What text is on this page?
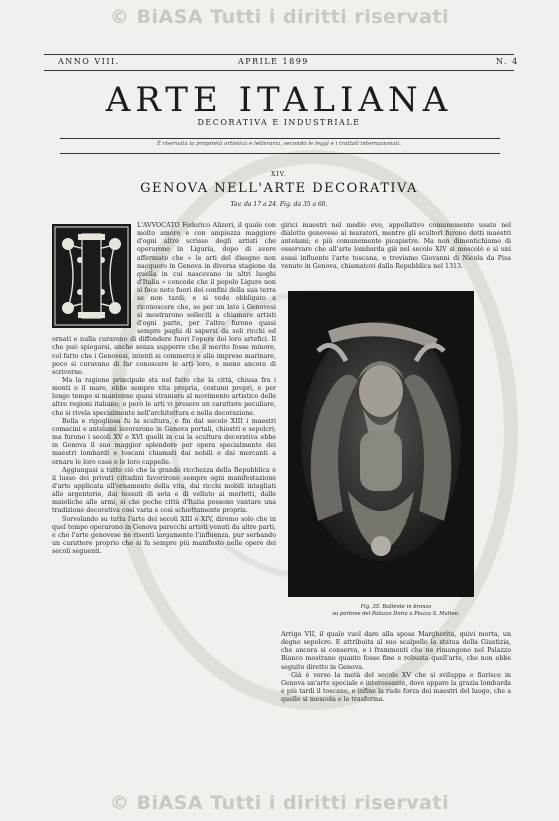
© BiASA Tutti i diritti riservati
ANNO VIII.	APRILE 1899	N. 4
ARTE ITALIANA
DECORATIVA E INDUSTRIALE
È riservata la proprietà artistica e letteraria, secondo le leggi e i trattati internazionali.
XIV.
GENOVA NELL'ARTE DECORATIVA
Tav. da 17 a 24. Fig. da 35 a 60.

L'AVVOCATO Federico Alizeri, il quale con molto amore e con ampiezza maggiore d'ogni altro scrisse degli artisti che operarono in Liguria, dopo di avere affermato che « le arti del disegno non nacquero in Genova in diversa stagione da quella in cui nascevano in altri luoghi d'Italia » concede che il popolo Ligure non si fece noto fuori dei confini della sua terra se non tardi; e si vede obbligato a riconoscere che, se per un lato i Genovesi si mostrarono solleciti a chiamare artisti d'ogni parte, per l'altro furono quasi sempre paghi di sapersi da soli ricchi ed ornati e nulla curarono di diffondere fuori l'opera dei loro artefici. Il che può spiegarsi, anche senza supporre che il merito fosse minore, col fatto che i Genovesi, intenti ai commerci e alle imprese marinare, poco si curavano di far conoscere le arti loro, e meno ancora di scriverne.

Ma la ragione principale sta nel fatto che la città, chiusa fra i monti e il mare, ebbe sempre vita propria, costumi propri, e per lungo tempo si mantenne quasi straniera al movimento artistico delle altre regioni italiane; e però le arti vi presero un carattere peculiare, che si rivela specialmente nell'architettura e nella decorazione.

Bella e rigogliosa fu la scultura, e fin dal secolo XIII i maestri comacini e antelami lavorarono in Genova portali, chiostri e sepolcri; ma furono i secoli XV e XVI quelli in cui la scultura decorativa ebbe in Genova il suo maggior splendore per opera specialmente dei maestri lombardi e toscani chiamati dai nobili e dai mercanti a ornare le loro case e le loro cappelle.

Aggiungasi a tutto ciò che la grande ricchezza della Repubblica e il lusso dei privati cittadini favorirono sempre ogni manifestazione d'arte applicata all'ornamento della vita, dai ricchi mobili intagliati alle argenterie, dai tessuti di seta e di velluto ai merletti, dalle maioliche alle armi, sì che poche città d'Italia possono vantare una tradizione decorativa così varia e così schiettamente propria.

Sorvolando su tutta l'arte dei secoli XIII e XIV, diremo solo che in quel tempo operarono in Genova parecchi artisti venuti da altre parti, e che l'arte genovese ne risentì largamente l'influenza, pur serbando un carattere proprio che si fa sempre più manifesto nelle opere dei secoli seguenti.

girici maestri nel medio evo, appellativo comunemente usato nel dialetto genovese ai muratori, mentre gli scultori furono detti maestri antelami; e più comunemente picapietre. Ma non dimentichiamo di osservare che all'arte lombarda già nel secolo XIV si mescolò e si unì assai influente l'arte toscana, e troviamo Giovanni di Nicola da Pisa venuto in Genova, chiamatovi dalla Repubblica nel 1313.

Fig. 35. Battente in bronzo
su portone del Palazzo Doria a Piazza S. Matteo.

Arrigo VII, il quale vuol dare alla sposa Margherita, quivi morta, un degno sepolcro. E attribuita al suo scalpello la statua della Giustizia, che ancora si conserva, e i frammenti che ne rimangono nel Palazzo Bianco mostrano quanto fosse fine e robusta quell'arte, che non ebbe seguito diretto in Genova.

Già è verso la metà del secolo XV che si sviluppa e fiorisce in Genova un'arte speciale e interessante, dove appare la grazia lombarda e più tardi il toscano, e infine la rude forza dei maestri del luogo, che a quelle si mescola e le trasforma.

© BiASA Tutti i diritti riservati
